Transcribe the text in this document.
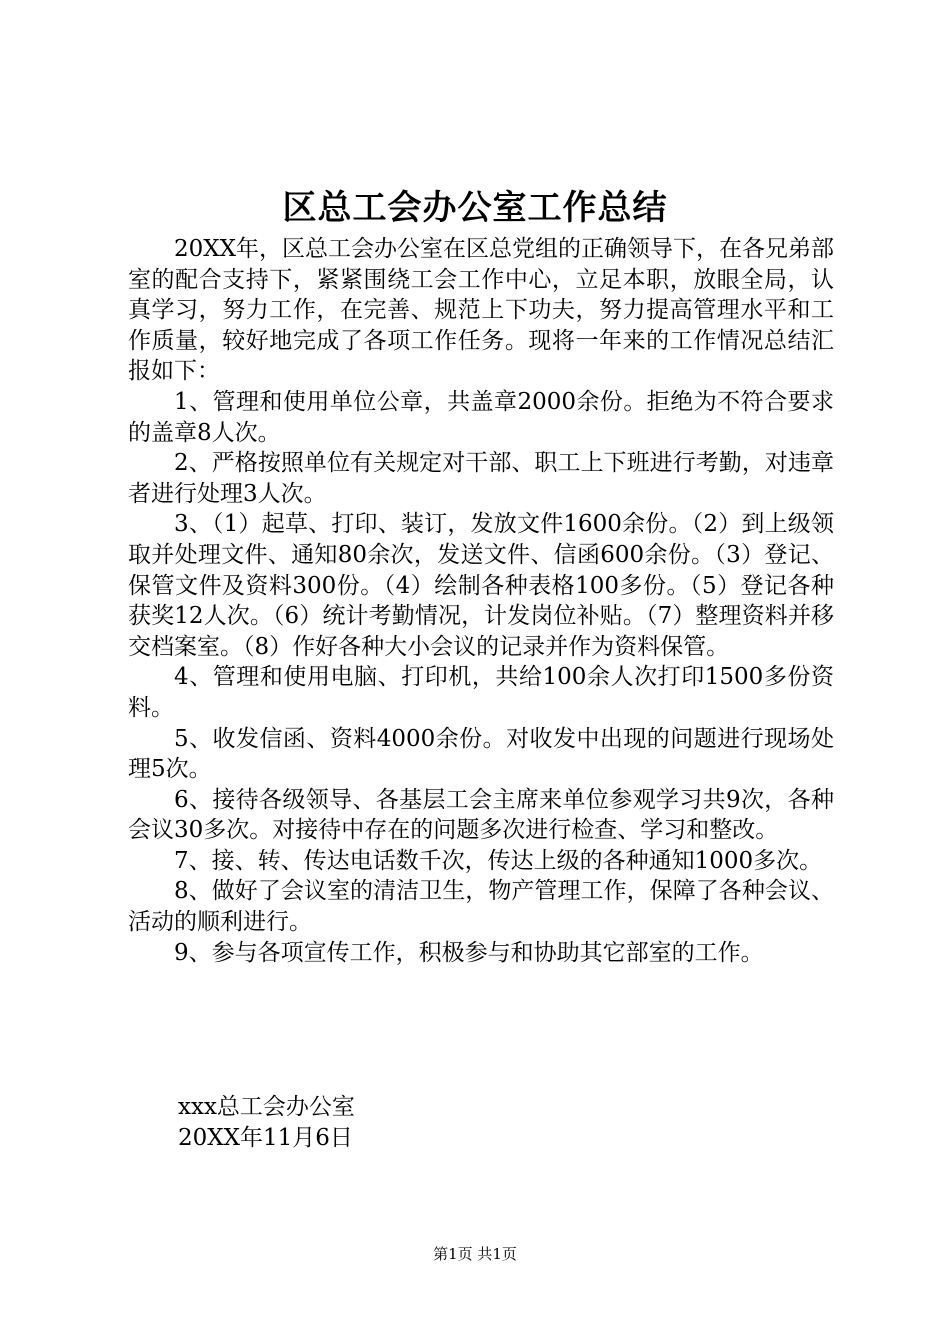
区总工会办公室工作总结

20XX年，区总工会办公室在区总党组的正确领导下，在各兄弟部室的配合支持下，紧紧围绕工会工作中心，立足本职，放眼全局，认真学习，努力工作，在完善、规范上下功夫，努力提高管理水平和工作质量，较好地完成了各项工作任务。现将一年来的工作情况总结汇报如下：

1、管理和使用单位公章，共盖章2000余份。拒绝为不符合要求的盖章8人次。

2、严格按照单位有关规定对干部、职工上下班进行考勤，对违章者进行处理3人次。

3、（1）起草、打印、装订，发放文件1600余份。（2）到上级领取并处理文件、通知80余次，发送文件、信函600余份。（3）登记、保管文件及资料300份。（4）绘制各种表格100多份。（5）登记各种获奖12人次。（6）统计考勤情况，计发岗位补贴。（7）整理资料并移交档案室。（8）作好各种大小会议的记录并作为资料保管。

4、管理和使用电脑、打印机，共给100余人次打印1500多份资料。

5、收发信函、资料4000余份。对收发中出现的问题进行现场处理5次。

6、接待各级领导、各基层工会主席来单位参观学习共9次，各种会议30多次。对接待中存在的问题多次进行检查、学习和整改。

7、接、转、传达电话数千次，传达上级的各种通知1000多次。

8、做好了会议室的清洁卫生，物产管理工作，保障了各种会议、活动的顺利进行。

9、参与各项宣传工作，积极参与和协助其它部室的工作。

xxx总工会办公室

20XX年11月6日

第1页 共1页
